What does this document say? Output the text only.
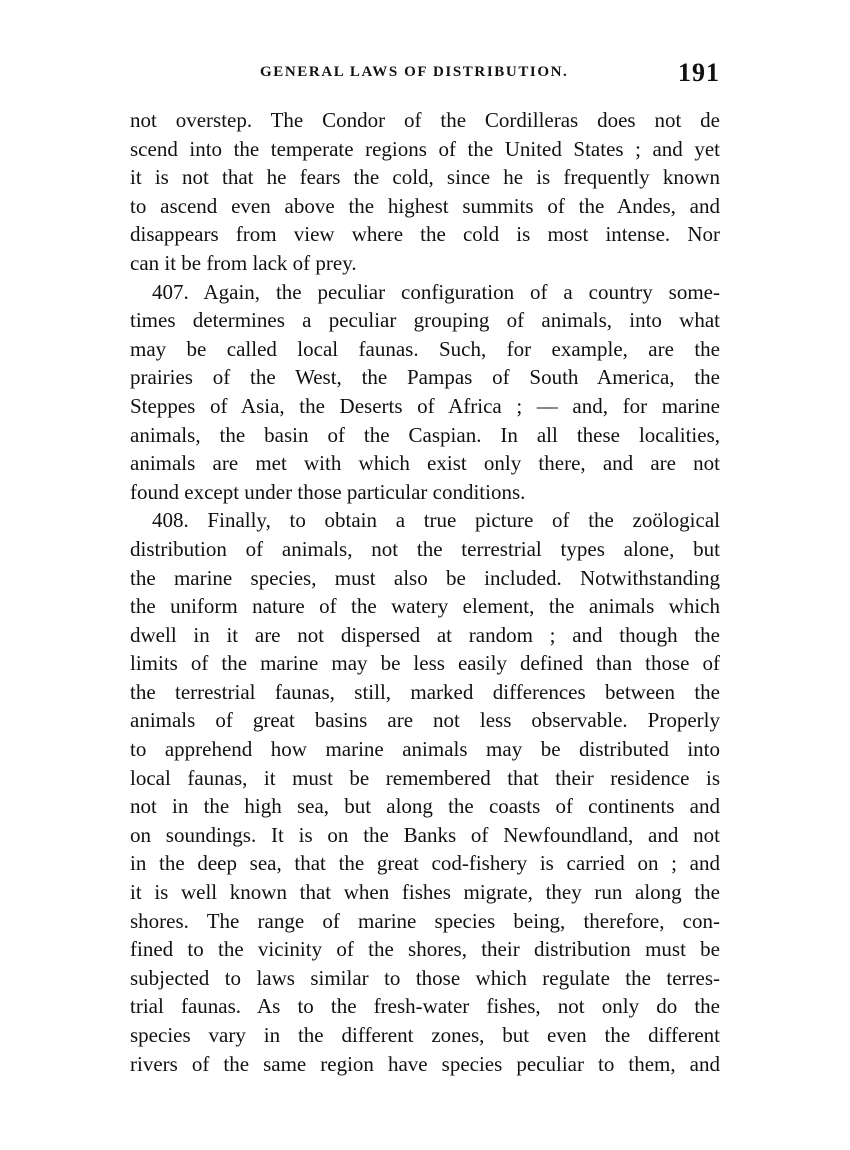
GENERAL LAWS OF DISTRIBUTION.	191
not overstep. The Condor of the Cordilleras does not de
scend into the temperate regions of the United States ; and yet
it is not that he fears the cold, since he is frequently known
to ascend even above the highest summits of the Andes, and
disappears from view where the cold is most intense. Nor
can it be from lack of prey.
407. Again, the peculiar configuration of a country some-
times determines a peculiar grouping of animals, into what
may be called local faunas. Such, for example, are the
prairies of the West, the Pampas of South America, the
Steppes of Asia, the Deserts of Africa ; — and, for marine
animals, the basin of the Caspian. In all these localities,
animals are met with which exist only there, and are not
found except under those particular conditions.
408. Finally, to obtain a true picture of the zoölogical
distribution of animals, not the terrestrial types alone, but
the marine species, must also be included. Notwithstanding
the uniform nature of the watery element, the animals which
dwell in it are not dispersed at random ; and though the
limits of the marine may be less easily defined than those of
the terrestrial faunas, still, marked differences between the
animals of great basins are not less observable. Properly
to apprehend how marine animals may be distributed into
local faunas, it must be remembered that their residence is
not in the high sea, but along the coasts of continents and
on soundings. It is on the Banks of Newfoundland, and not
in the deep sea, that the great cod-fishery is carried on ; and
it is well known that when fishes migrate, they run along the
shores. The range of marine species being, therefore, con-
fined to the vicinity of the shores, their distribution must be
subjected to laws similar to those which regulate the terres-
trial faunas. As to the fresh-water fishes, not only do the
species vary in the different zones, but even the different
rivers of the same region have species peculiar to them, and
